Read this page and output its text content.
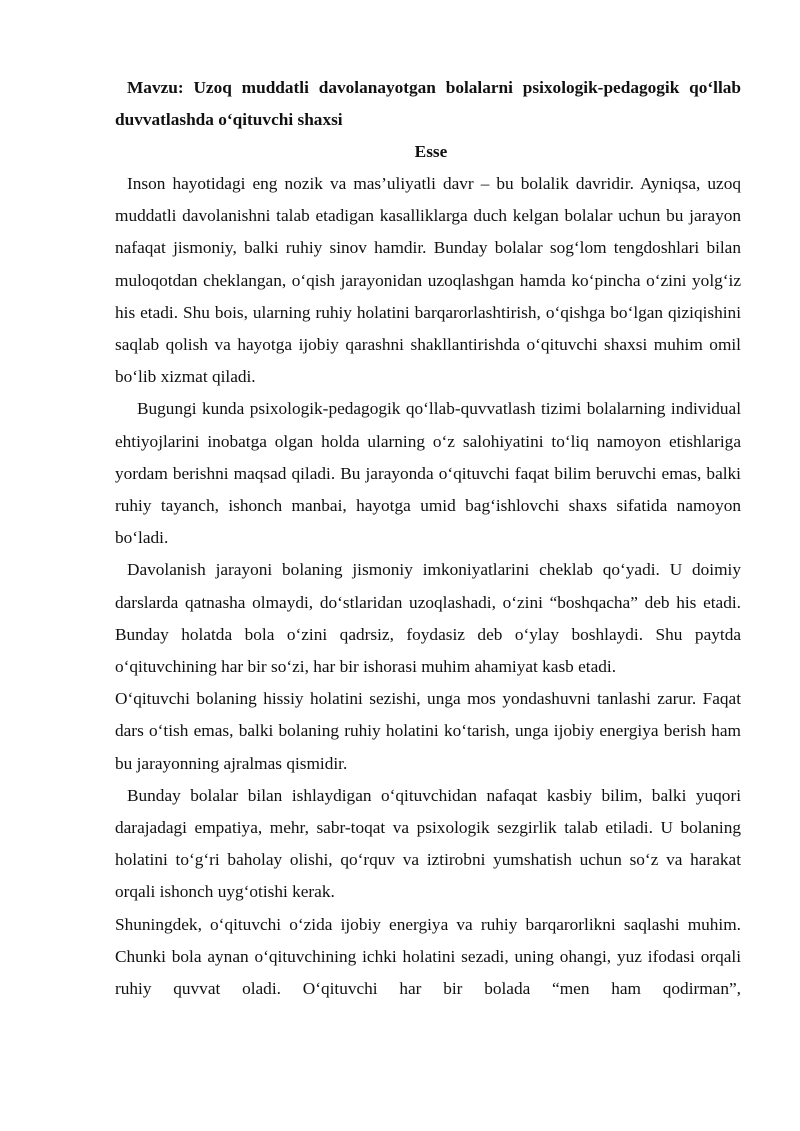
Mavzu: Uzoq muddatli davolanayotgan bolalarni psixologik-pedagogik qo‘llab duvvatlashda o‘qituvchi shaxsi

Esse

Inson hayotidagi eng nozik va mas’uliyatli davr – bu bolalik davridir. Ayniqsa, uzoq muddatli davolanishni talab etadigan kasalliklarga duch kelgan bolalar uchun bu jarayon nafaqat jismoniy, balki ruhiy sinov hamdir. Bunday bolalar sog‘lom tengdoshlari bilan muloqotdan cheklangan, o‘qish jarayonidan uzoqlashgan hamda ko‘pincha o‘zini yolg‘iz his etadi. Shu bois, ularning ruhiy holatini barqarorlashtirish, o‘qishga bo‘lgan qiziqishini saqlab qolish va hayotga ijobiy qarashni shakllantirishda o‘qituvchi shaxsi muhim omil bo‘lib xizmat qiladi.

Bugungi kunda psixologik-pedagogik qo‘llab-quvvatlash tizimi bolalarning individual ehtiyojlarini inobatga olgan holda ularning o‘z salohiyatini to‘liq namoyon etishlariga yordam berishni maqsad qiladi. Bu jarayonda o‘qituvchi faqat bilim beruvchi emas, balki ruhiy tayanch, ishonch manbai, hayotga umid bag‘ishlovchi shaxs sifatida namoyon bo‘ladi.

Davolanish jarayoni bolaning jismoniy imkoniyatlarini cheklab qo‘yadi. U doimiy darslarda qatnasha olmaydi, do‘stlaridan uzoqlashadi, o‘zini “boshqacha” deb his etadi. Bunday holatda bola o‘zini qadrsiz, foydasiz deb o‘ylay boshlaydi. Shu paytda o‘qituvchining har bir so‘zi, har bir ishorasi muhim ahamiyat kasb etadi.

O‘qituvchi bolaning hissiy holatini sezishi, unga mos yondashuvni tanlashi zarur. Faqat dars o‘tish emas, balki bolaning ruhiy holatini ko‘tarish, unga ijobiy energiya berish ham bu jarayonning ajralmas qismidir.

Bunday bolalar bilan ishlaydigan o‘qituvchidan nafaqat kasbiy bilim, balki yuqori darajadagi empatiya, mehr, sabr-toqat va psixologik sezgirlik talab etiladi. U bolaning holatini to‘g‘ri baholay olishi, qo‘rquv va iztirobni yumshatish uchun so‘z va harakat orqali ishonch uyg‘otishi kerak.

Shuningdek, o‘qituvchi o‘zida ijobiy energiya va ruhiy barqarorlikni saqlashi muhim. Chunki bola aynan o‘qituvchining ichki holatini sezadi, uning ohangi, yuz ifodasi orqali ruhiy quvvat oladi. O‘qituvchi har bir bolada “men ham qodirman”,
